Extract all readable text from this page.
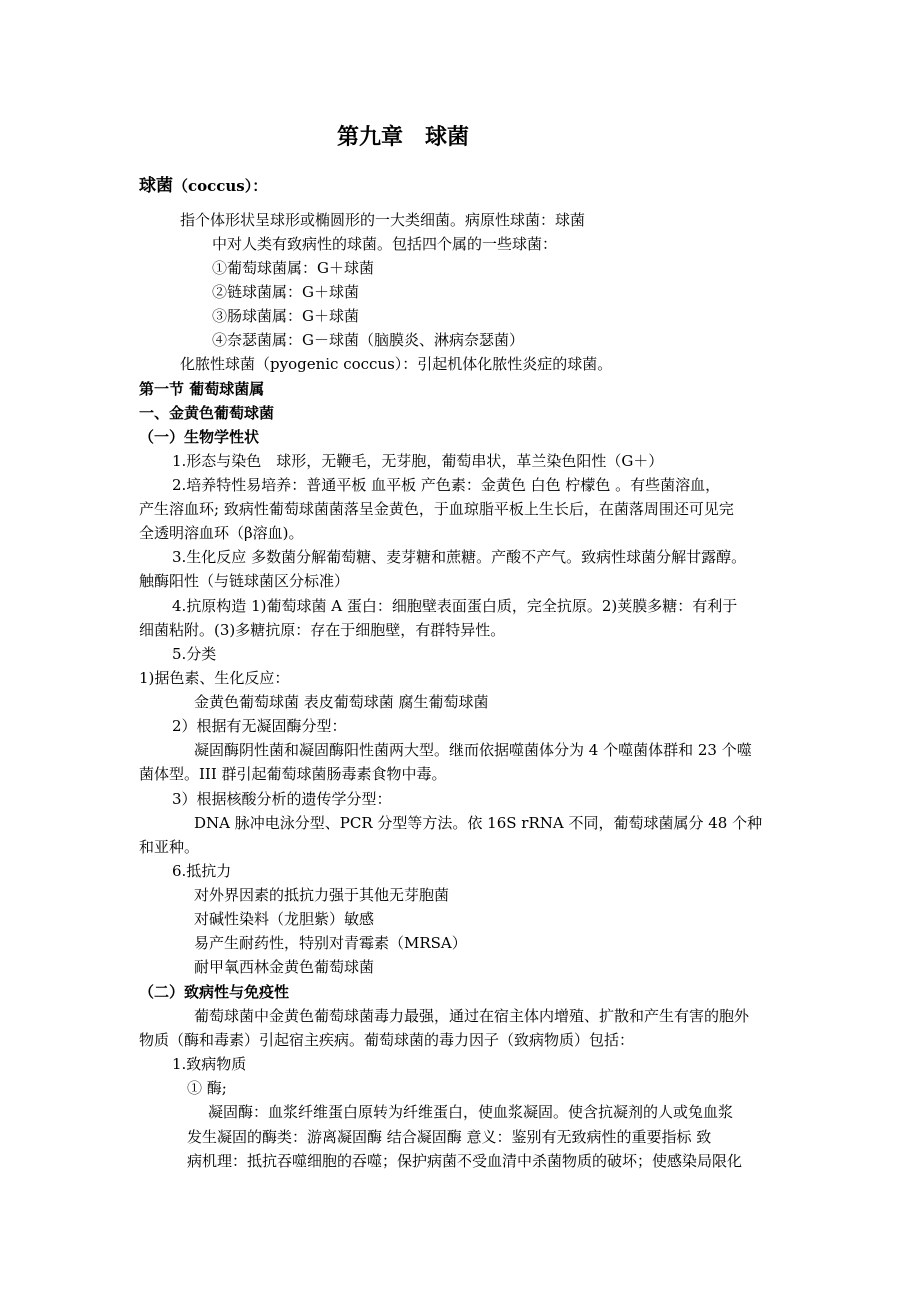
第九章　球菌
球菌（coccus）：
指个体形状呈球形或椭圆形的一大类细菌。病原性球菌：球菌
中对人类有致病性的球菌。包括四个属的一些球菌：
①葡萄球菌属：G＋球菌
②链球菌属：G＋球菌
③肠球菌属：G＋球菌
④奈瑟菌属：G－球菌（脑膜炎、淋病奈瑟菌）
化脓性球菌（pyogenic coccus）：引起机体化脓性炎症的球菌。
第一节 葡萄球菌属
一、金黄色葡萄球菌
（一）生物学性状
1.形态与染色　球形，无鞭毛，无芽胞，葡萄串状，革兰染色阳性（G＋）
2.培养特性易培养：普通平板 血平板 产色素：金黄色 白色 柠檬色 。有些菌溶血，
产生溶血环; 致病性葡萄球菌菌落呈金黄色，于血琼脂平板上生长后，在菌落周围还可见完
全透明溶血环（β溶血)。
3.生化反应 多数菌分解葡萄糖、麦芽糖和蔗糖。产酸不产气。致病性球菌分解甘露醇。
触酶阳性（与链球菌区分标准）
4.抗原构造 1)葡萄球菌 A 蛋白：细胞壁表面蛋白质，完全抗原。2)荚膜多糖：有利于
细菌粘附。(3)多糖抗原：存在于细胞壁，有群特异性。
5.分类
1)据色素、生化反应：
金黄色葡萄球菌 表皮葡萄球菌 腐生葡萄球菌
2）根据有无凝固酶分型：
凝固酶阴性菌和凝固酶阳性菌两大型。继而依据噬菌体分为 4 个噬菌体群和 23 个噬
菌体型。III 群引起葡萄球菌肠毒素食物中毒。
3）根据核酸分析的遗传学分型：
DNA 脉冲电泳分型、PCR 分型等方法。依 16S rRNA 不同，葡萄球菌属分 48 个种
和亚种。
6.抵抗力
对外界因素的抵抗力强于其他无芽胞菌
对碱性染料（龙胆紫）敏感
易产生耐药性，特别对青霉素（MRSA）
耐甲氧西林金黄色葡萄球菌
（二）致病性与免疫性
葡萄球菌中金黄色葡萄球菌毒力最强，通过在宿主体内增殖、扩散和产生有害的胞外
物质（酶和毒素）引起宿主疾病。葡萄球菌的毒力因子（致病物质）包括：
1.致病物质
① 酶;
凝固酶：血浆纤维蛋白原转为纤维蛋白，使血浆凝固。使含抗凝剂的人或兔血浆
发生凝固的酶类：游离凝固酶 结合凝固酶 意义：鉴别有无致病性的重要指标 致
病机理：抵抗吞噬细胞的吞噬；保护病菌不受血清中杀菌物质的破坏；使感染局限化
